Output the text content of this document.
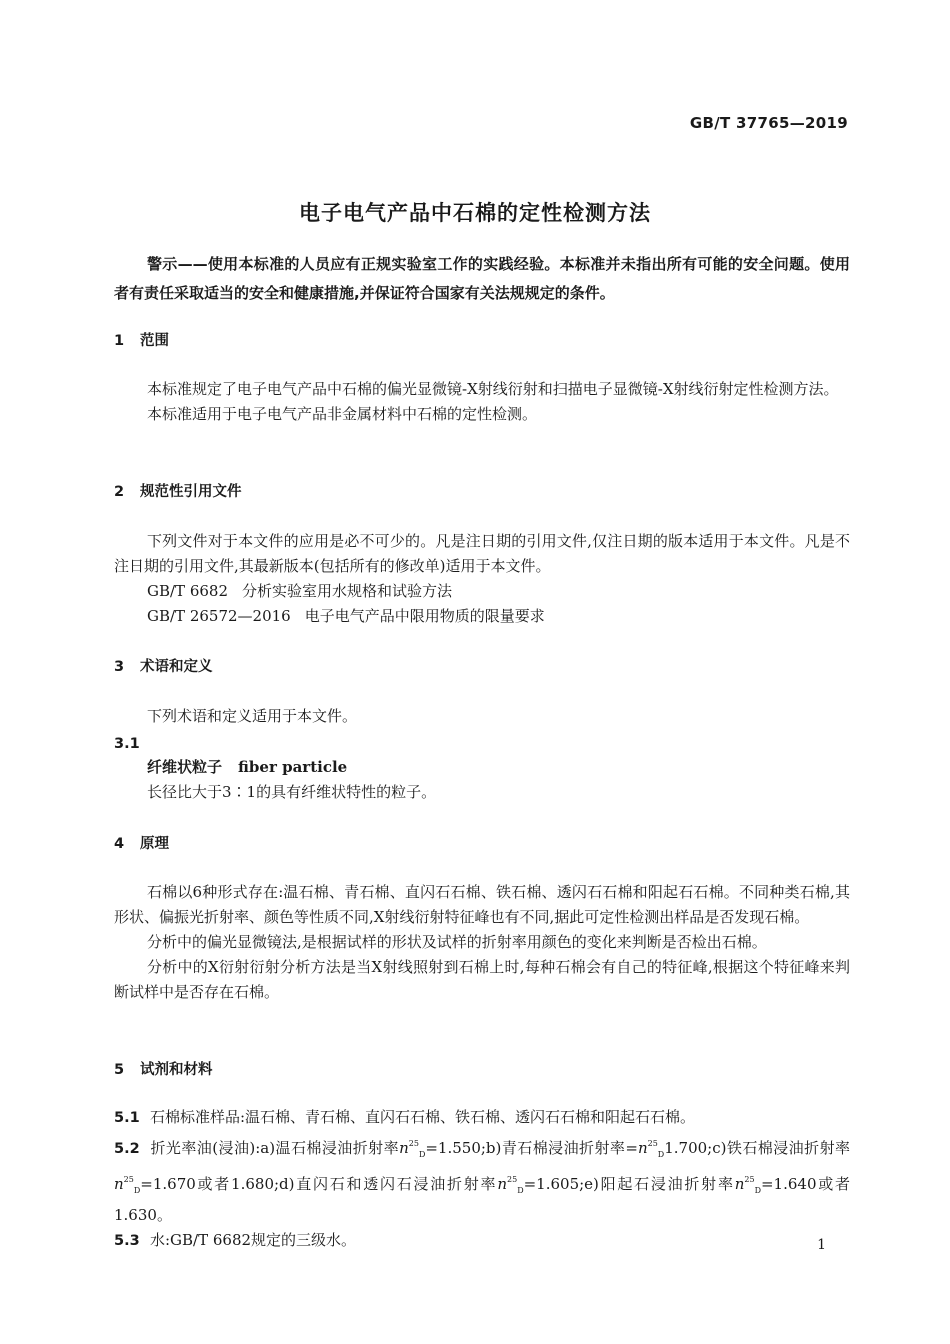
GB/T 37765—2019
电子电气产品中石棉的定性检测方法

警示——使用本标准的人员应有正规实验室工作的实践经验。本标准并未指出所有可能的安全问题。使用者有责任采取适当的安全和健康措施,并保证符合国家有关法规规定的条件。

1 范围

本标准规定了电子电气产品中石棉的偏光显微镜-X射线衍射和扫描电子显微镜-X射线衍射定性检测方法。

本标准适用于电子电气产品非金属材料中石棉的定性检测。

2 规范性引用文件

下列文件对于本文件的应用是必不可少的。凡是注日期的引用文件,仅注日期的版本适用于本文件。凡是不注日期的引用文件,其最新版本(包括所有的修改单)适用于本文件。

GB/T 6682 分析实验室用水规格和试验方法
GB/T 26572—2016 电子电气产品中限用物质的限量要求
3 术语和定义

下列术语和定义适用于本文件。

3.1
纤维状粒子 fiber particle
长径比大于3∶1的具有纤维状特性的粒子。
4 原理

石棉以6种形式存在:温石棉、青石棉、直闪石石棉、铁石棉、透闪石石棉和阳起石石棉。不同种类石棉,其形状、偏振光折射率、颜色等性质不同,X射线衍射特征峰也有不同,据此可定性检测出样品是否发现石棉。

分析中的偏光显微镜法,是根据试样的形状及试样的折射率用颜色的变化来判断是否检出石棉。

分析中的X衍射衍射分析方法是当X射线照射到石棉上时,每种石棉会有自己的特征峰,根据这个特征峰来判断试样中是否存在石棉。

5 试剂和材料

5.1 石棉标准样品:温石棉、青石棉、直闪石石棉、铁石棉、透闪石石棉和阳起石石棉。

5.2 折光率油(浸油):a)温石棉浸油折射率$n^{25}_D=1.550;b$)青石棉浸油折射率$=n^{25}_D1.700;c$)铁石棉浸油折射率$n^{25}_D=1.670$或者1.680;d)直闪石和透闪石浸油折射率$n^{25}_D=1.605;e$)阳起石浸油折射率$n^{25}_D=1.640$或者1.630。

5.3 水:GB/T 6682规定的三级水。	1
